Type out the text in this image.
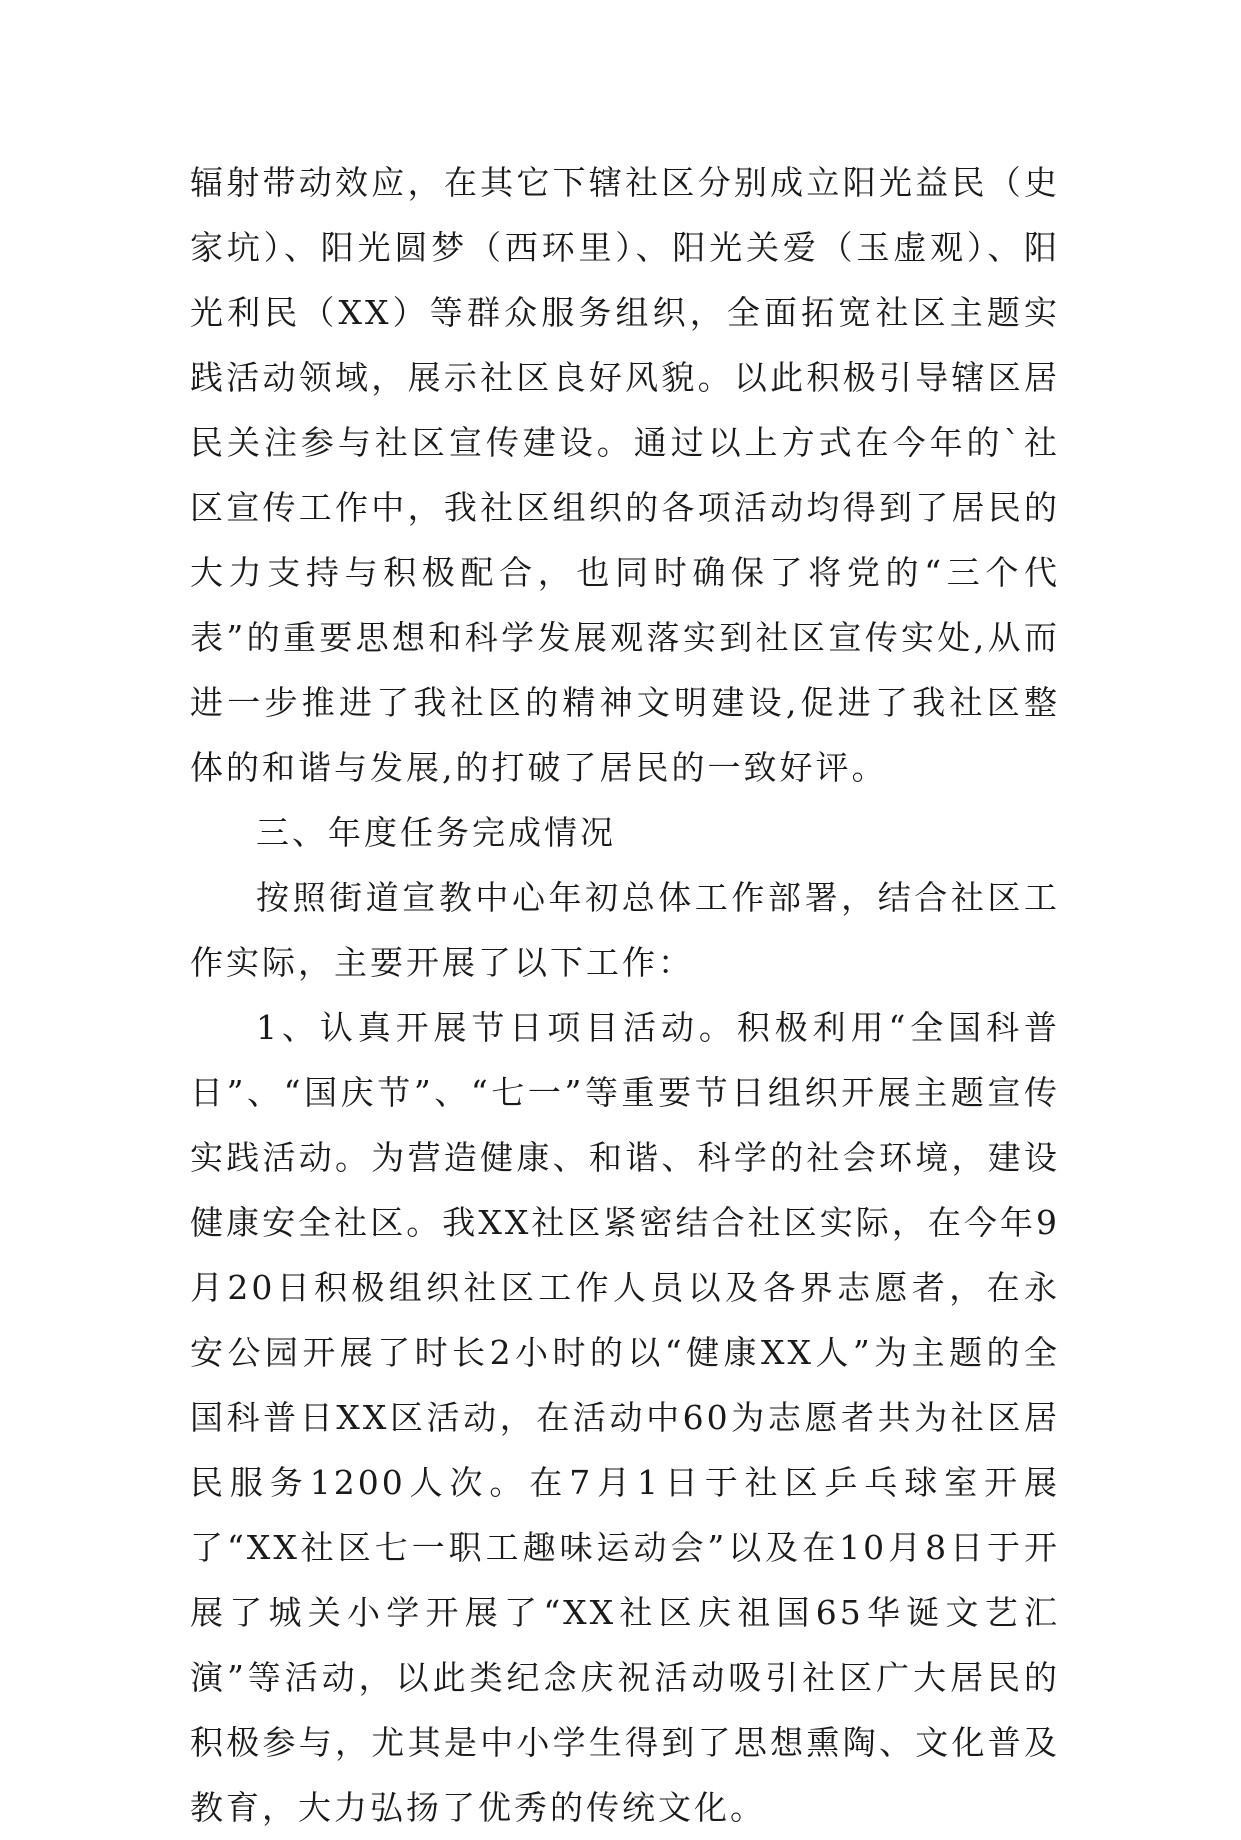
辐射带动效应，在其它下辖社区分别成立阳光益民（史家坑）、阳光圆梦（西环里）、阳光关爱（玉虚观）、阳光利民（XX）等群众服务组织，全面拓宽社区主题实践活动领域，展示社区良好风貌。以此积极引导辖区居民关注参与社区宣传建设。通过以上方式在今年的`社区宣传工作中，我社区组织的各项活动均得到了居民的大力支持与积极配合，也同时确保了将党的“三个代表”的重要思想和科学发展观落实到社区宣传实处,从而进一步推进了我社区的精神文明建设,促进了我社区整体的和谐与发展,的打破了居民的一致好评。

三、年度任务完成情况

按照街道宣教中心年初总体工作部署，结合社区工作实际，主要开展了以下工作：

1、认真开展节日项目活动。积极利用“全国科普日”、“国庆节”、“七一”等重要节日组织开展主题宣传实践活动。为营造健康、和谐、科学的社会环境，建设健康安全社区。我XX社区紧密结合社区实际，在今年9月20日积极组织社区工作人员以及各界志愿者，在永安公园开展了时长2小时的以“健康XX人”为主题的全国科普日XX区活动，在活动中60为志愿者共为社区居民服务1200人次。在7月1日于社区乒乓球室开展了“XX社区七一职工趣味运动会”以及在10月8日于开展了城关小学开展了“XX社区庆祖国65华诞文艺汇演”等活动，以此类纪念庆祝活动吸引社区广大居民的积极参与，尤其是中小学生得到了思想熏陶、文化普及教育，大力弘扬了优秀的传统文化。
